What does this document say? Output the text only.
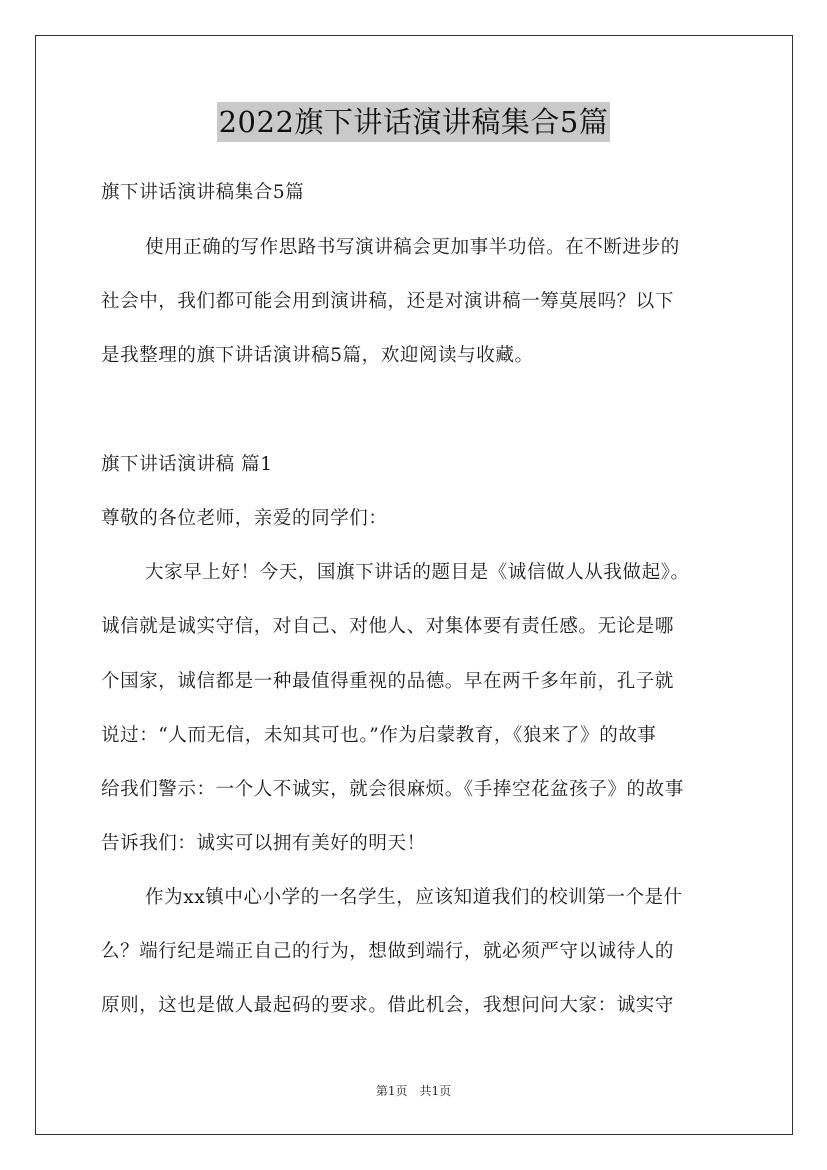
2022旗下讲话演讲稿集合5篇
旗下讲话演讲稿集合5篇
使用正确的写作思路书写演讲稿会更加事半功倍。在不断进步的
社会中，我们都可能会用到演讲稿，还是对演讲稿一筹莫展吗？以下
是我整理的旗下讲话演讲稿5篇，欢迎阅读与收藏。
旗下讲话演讲稿 篇1
尊敬的各位老师，亲爱的同学们：
大家早上好！今天，国旗下讲话的题目是《诚信做人从我做起》。
诚信就是诚实守信，对自己、对他人、对集体要有责任感。无论是哪
个国家，诚信都是一种最值得重视的品德。早在两千多年前，孔子就
说过：“人而无信，未知其可也。”作为启蒙教育，《狼来了》的故事
给我们警示：一个人不诚实，就会很麻烦。《手捧空花盆孩子》的故事
告诉我们：诚实可以拥有美好的明天！
作为xx镇中心小学的一名学生，应该知道我们的校训第一个是什
么？端行纪是端正自己的行为，想做到端行，就必须严守以诚待人的
原则，这也是做人最起码的要求。借此机会，我想问问大家：诚实守
第1页　共1页
